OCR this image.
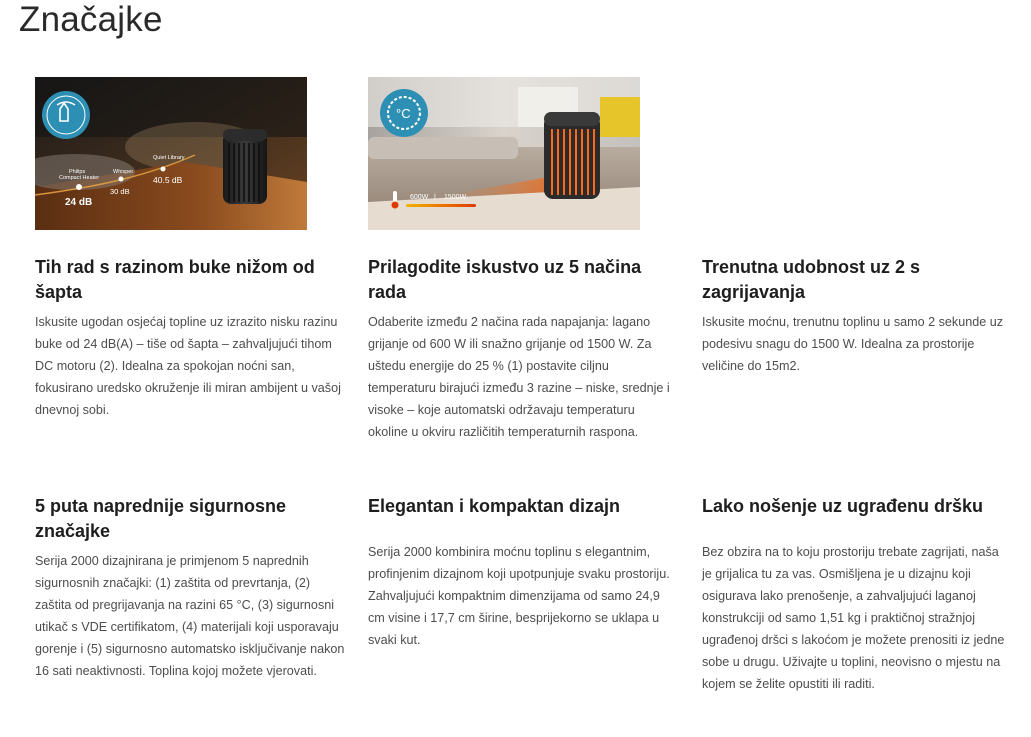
Značajke
Philips Compact Heater
Whisper
Quiet Library
24 dB
30 dB
40.5 dB
°C
600W | 1500W
Tih rad s razinom buke nižom od šapta

Iskusite ugodan osjećaj topline uz izrazito nisku razinu buke od 24 dB(A) – tiše od šapta – zahvaljujući tihom DC motoru (2). Idealna za spokojan noćni san, fokusirano uredsko okruženje ili miran ambijent u vašoj dnevnoj sobi.

Prilagodite iskustvo uz 5 načina rada

Odaberite između 2 načina rada napajanja: lagano grijanje od 600 W ili snažno grijanje od 1500 W. Za uštedu energije do 25 % (1) postavite ciljnu temperaturu birajući između 3 razine – niske, srednje i visoke – koje automatski održavaju temperaturu okoline u okviru različitih temperaturnih raspona.

Trenutna udobnost uz 2 s zagrijavanja

Iskusite moćnu, trenutnu toplinu u samo 2 sekunde uz podesivu snagu do 1500 W. Idealna za prostorije veličine do 15m2.

5 puta naprednije sigurnosne značajke

Serija 2000 dizajnirana je primjenom 5 naprednih sigurnosnih značajki: (1) zaštita od prevrtanja, (2) zaštita od pregrijavanja na razini 65 °C, (3) sigurnosni utikač s VDE certifikatom, (4) materijali koji usporavaju gorenje i (5) sigurnosno automatsko isključivanje nakon 16 sati neaktivnosti. Toplina kojoj možete vjerovati.

Elegantan i kompaktan dizajn

Serija 2000 kombinira moćnu toplinu s elegantnim, profinjenim dizajnom koji upotpunjuje svaku prostoriju. Zahvaljujući kompaktnim dimenzijama od samo 24,9 cm visine i 17,7 cm širine, besprijekorno se uklapa u svaki kut.

Lako nošenje uz ugrađenu dršku

Bez obzira na to koju prostoriju trebate zagrijati, naša je grijalica tu za vas. Osmišljena je u dizajnu koji osigurava lako prenošenje, a zahvaljujući laganoj konstrukciji od samo 1,51 kg i praktičnoj stražnjoj ugrađenoj dršci s lakoćom je možete prenositi iz jedne sobe u drugu. Uživajte u toplini, neovisno o mjestu na kojem se želite opustiti ili raditi.
